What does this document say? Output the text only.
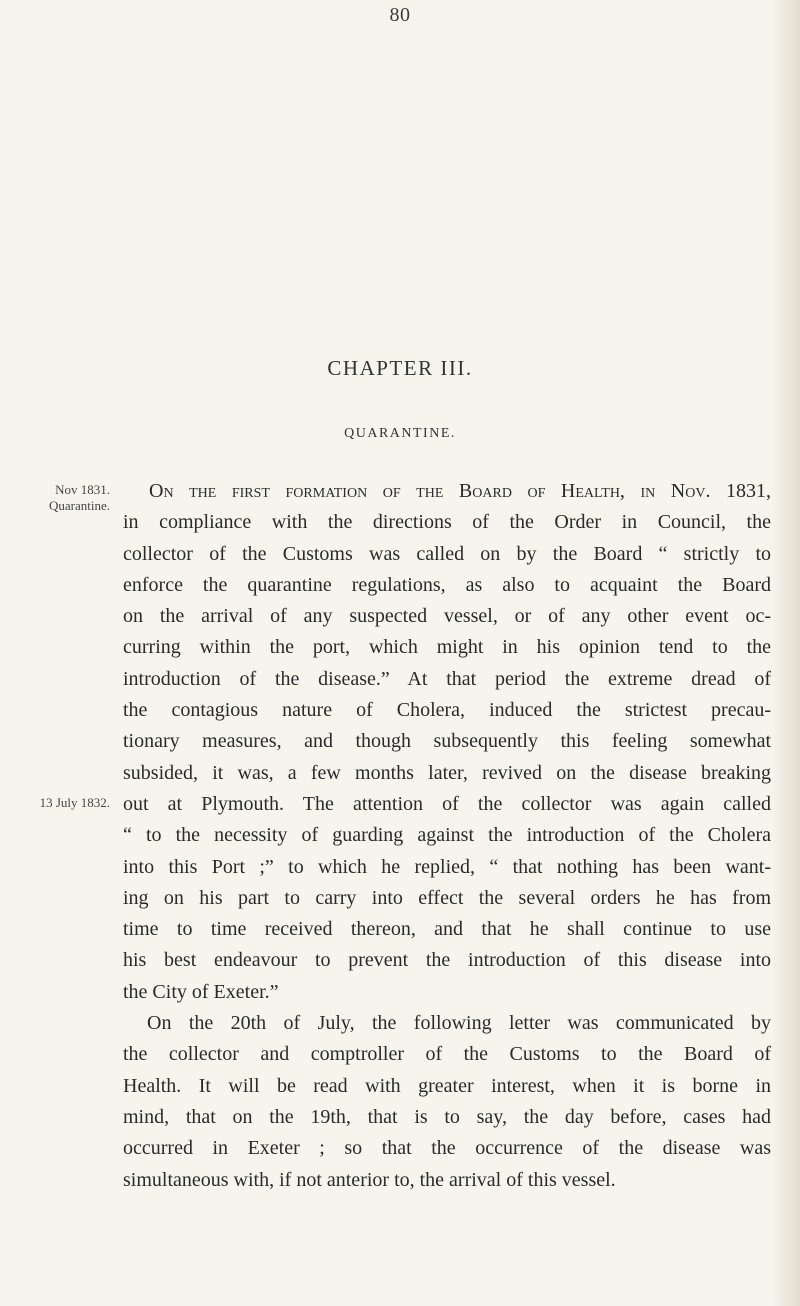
80
CHAPTER III.
QUARANTINE.
Nov 1831.
Quarantine.
13 July 1832.
On the first formation of the Board of Health, in Nov. 1831,
in compliance with the directions of the Order in Council, the
collector of the Customs was called on by the Board “ strictly to
enforce the quarantine regulations, as also to acquaint the Board
on the arrival of any suspected vessel, or of any other event oc-
curring within the port, which might in his opinion tend to the
introduction of the disease.” At that period the extreme dread of
the contagious nature of Cholera, induced the strictest precau-
tionary measures, and though subsequently this feeling somewhat
subsided, it was, a few months later, revived on the disease breaking
out at Plymouth. The attention of the collector was again called
“ to the necessity of guarding against the introduction of the Cholera
into this Port ;” to which he replied, “ that nothing has been want-
ing on his part to carry into effect the several orders he has from
time to time received thereon, and that he shall continue to use
his best endeavour to prevent the introduction of this disease into
the City of Exeter.”
On the 20th of July, the following letter was communicated by
the collector and comptroller of the Customs to the Board of
Health. It will be read with greater interest, when it is borne in
mind, that on the 19th, that is to say, the day before, cases had
occurred in Exeter ; so that the occurrence of the disease was
simultaneous with, if not anterior to, the arrival of this vessel.
